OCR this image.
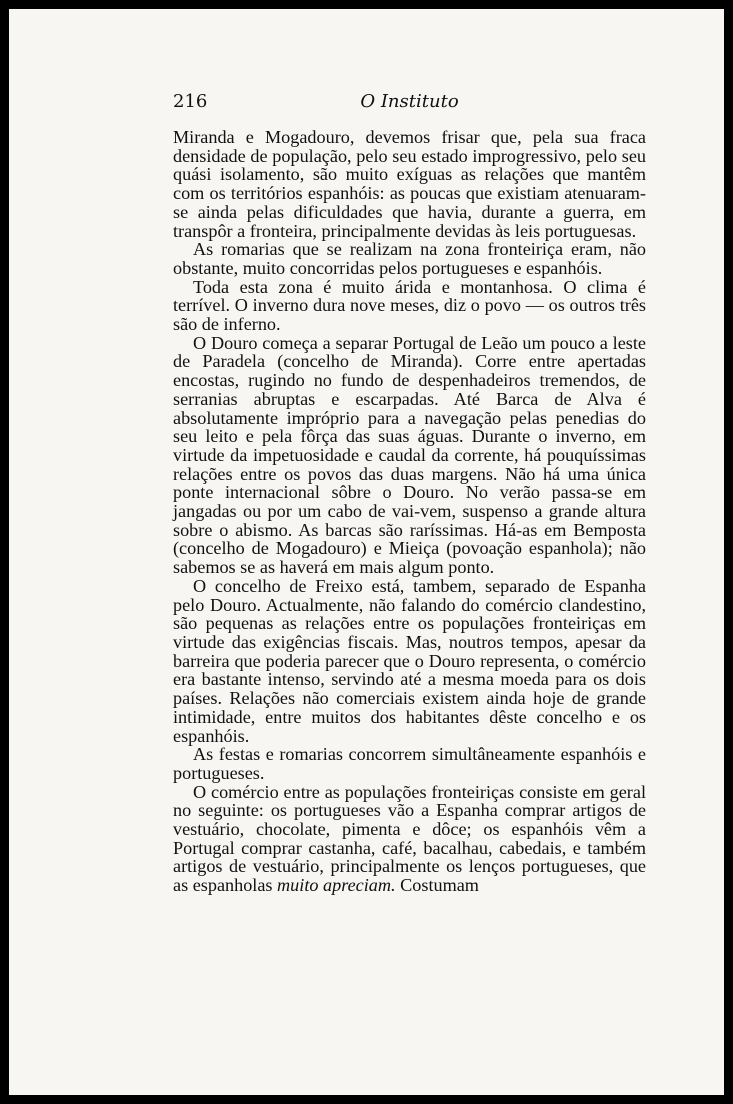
216	O Instituto

Miranda e Mogadouro, devemos frisar que, pela sua fraca densidade de população, pelo seu estado improgressivo, pelo seu quási isolamento, são muito exíguas as relações que mantêm com os territórios espanhóis: as poucas que existiam atenuaram-se ainda pelas dificuldades que havia, durante a guerra, em transpôr a fronteira, principalmente devidas às leis portuguesas.

As romarias que se realizam na zona fronteiriça eram, não obstante, muito concorridas pelos portugueses e espanhóis.

Toda esta zona é muito árida e montanhosa. O clima é terrível. O inverno dura nove meses, diz o povo — os outros três são de inferno.

O Douro começa a separar Portugal de Leão um pouco a leste de Paradela (concelho de Miranda). Corre entre apertadas encostas, rugindo no fundo de despenhadeiros tremendos, de serranias abruptas e escarpadas. Até Barca de Alva é absolutamente impróprio para a navegação pelas penedias do seu leito e pela fôrça das suas águas. Durante o inverno, em virtude da impetuosidade e caudal da corrente, há pouquíssimas relações entre os povos das duas margens. Não há uma única ponte internacional sôbre o Douro. No verão passa-se em jangadas ou por um cabo de vai-vem, suspenso a grande altura sobre o abismo. As barcas são raríssimas. Há-as em Bemposta (concelho de Mogadouro) e Mieiça (povoação espanhola); não sabemos se as haverá em mais algum ponto.

O concelho de Freixo está, tambem, separado de Espanha pelo Douro. Actualmente, não falando do comércio clandestino, são pequenas as relações entre os populações fronteiriças em virtude das exigências fiscais. Mas, noutros tempos, apesar da barreira que poderia parecer que o Douro representa, o comércio era bastante intenso, servindo até a mesma moeda para os dois países. Relações não comerciais existem ainda hoje de grande intimidade, entre muitos dos habitantes dêste concelho e os espanhóis.

As festas e romarias concorrem simultâneamente espanhóis e portugueses.

O comércio entre as populações fronteiriças consiste em geral no seguinte: os portugueses vão a Espanha comprar artigos de vestuário, chocolate, pimenta e dôce; os espanhóis vêm a Portugal comprar castanha, café, bacalhau, cabedais, e também artigos de vestuário, principalmente os lenços portugueses, que as espanholas muito apreciam. Costumam
